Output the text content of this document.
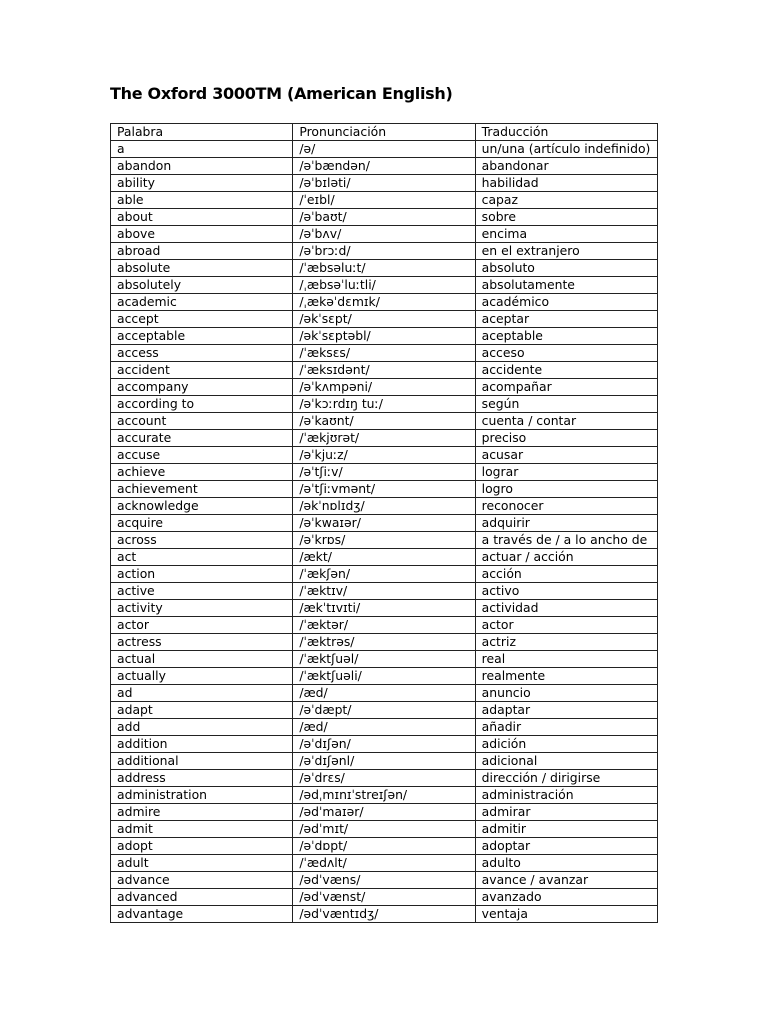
The Oxford 3000TM (American English)
Palabra	Pronunciación	Traducción
a	/ə/	un/una (artículo indefinido)
abandon	/əˈbændən/	abandonar
ability	/əˈbɪləti/	habilidad
able	/ˈeɪbl/	capaz
about	/əˈbaʊt/	sobre
above	/əˈbʌv/	encima
abroad	/əˈbrɔːd/	en el extranjero
absolute	/ˈæbsəluːt/	absoluto
absolutely	/ˌæbsəˈluːtli/	absolutamente
academic	/ˌækəˈdɛmɪk/	académico
accept	/əkˈsɛpt/	aceptar
acceptable	/əkˈsɛptəbl/	aceptable
access	/ˈæksɛs/	acceso
accident	/ˈæksɪdənt/	accidente
accompany	/əˈkʌmpəni/	acompañar
according to	/əˈkɔːrdɪŋ tuː/	según
account	/əˈkaʊnt/	cuenta / contar
accurate	/ˈækjʊrət/	preciso
accuse	/əˈkjuːz/	acusar
achieve	/əˈtʃiːv/	lograr
achievement	/əˈtʃiːvmənt/	logro
acknowledge	/əkˈnɒlɪdʒ/	reconocer
acquire	/əˈkwaɪər/	adquirir
across	/əˈkrɒs/	a través de / a lo ancho de
act	/ækt/	actuar / acción
action	/ˈækʃən/	acción
active	/ˈæktɪv/	activo
activity	/ækˈtɪvɪti/	actividad
actor	/ˈæktər/	actor
actress	/ˈæktrəs/	actriz
actual	/ˈæktʃuəl/	real
actually	/ˈæktʃuəli/	realmente
ad	/æd/	anuncio
adapt	/əˈdæpt/	adaptar
add	/æd/	añadir
addition	/əˈdɪʃən/	adición
additional	/əˈdɪʃənl/	adicional
address	/əˈdrɛs/	dirección / dirigirse
administration	/ədˌmɪnɪˈstreɪʃən/	administración
admire	/ədˈmaɪər/	admirar
admit	/ədˈmɪt/	admitir
adopt	/əˈdɒpt/	adoptar
adult	/ˈædʌlt/	adulto
advance	/ədˈvæns/	avance / avanzar
advanced	/ədˈvænst/	avanzado
advantage	/ədˈvæntɪdʒ/	ventaja
